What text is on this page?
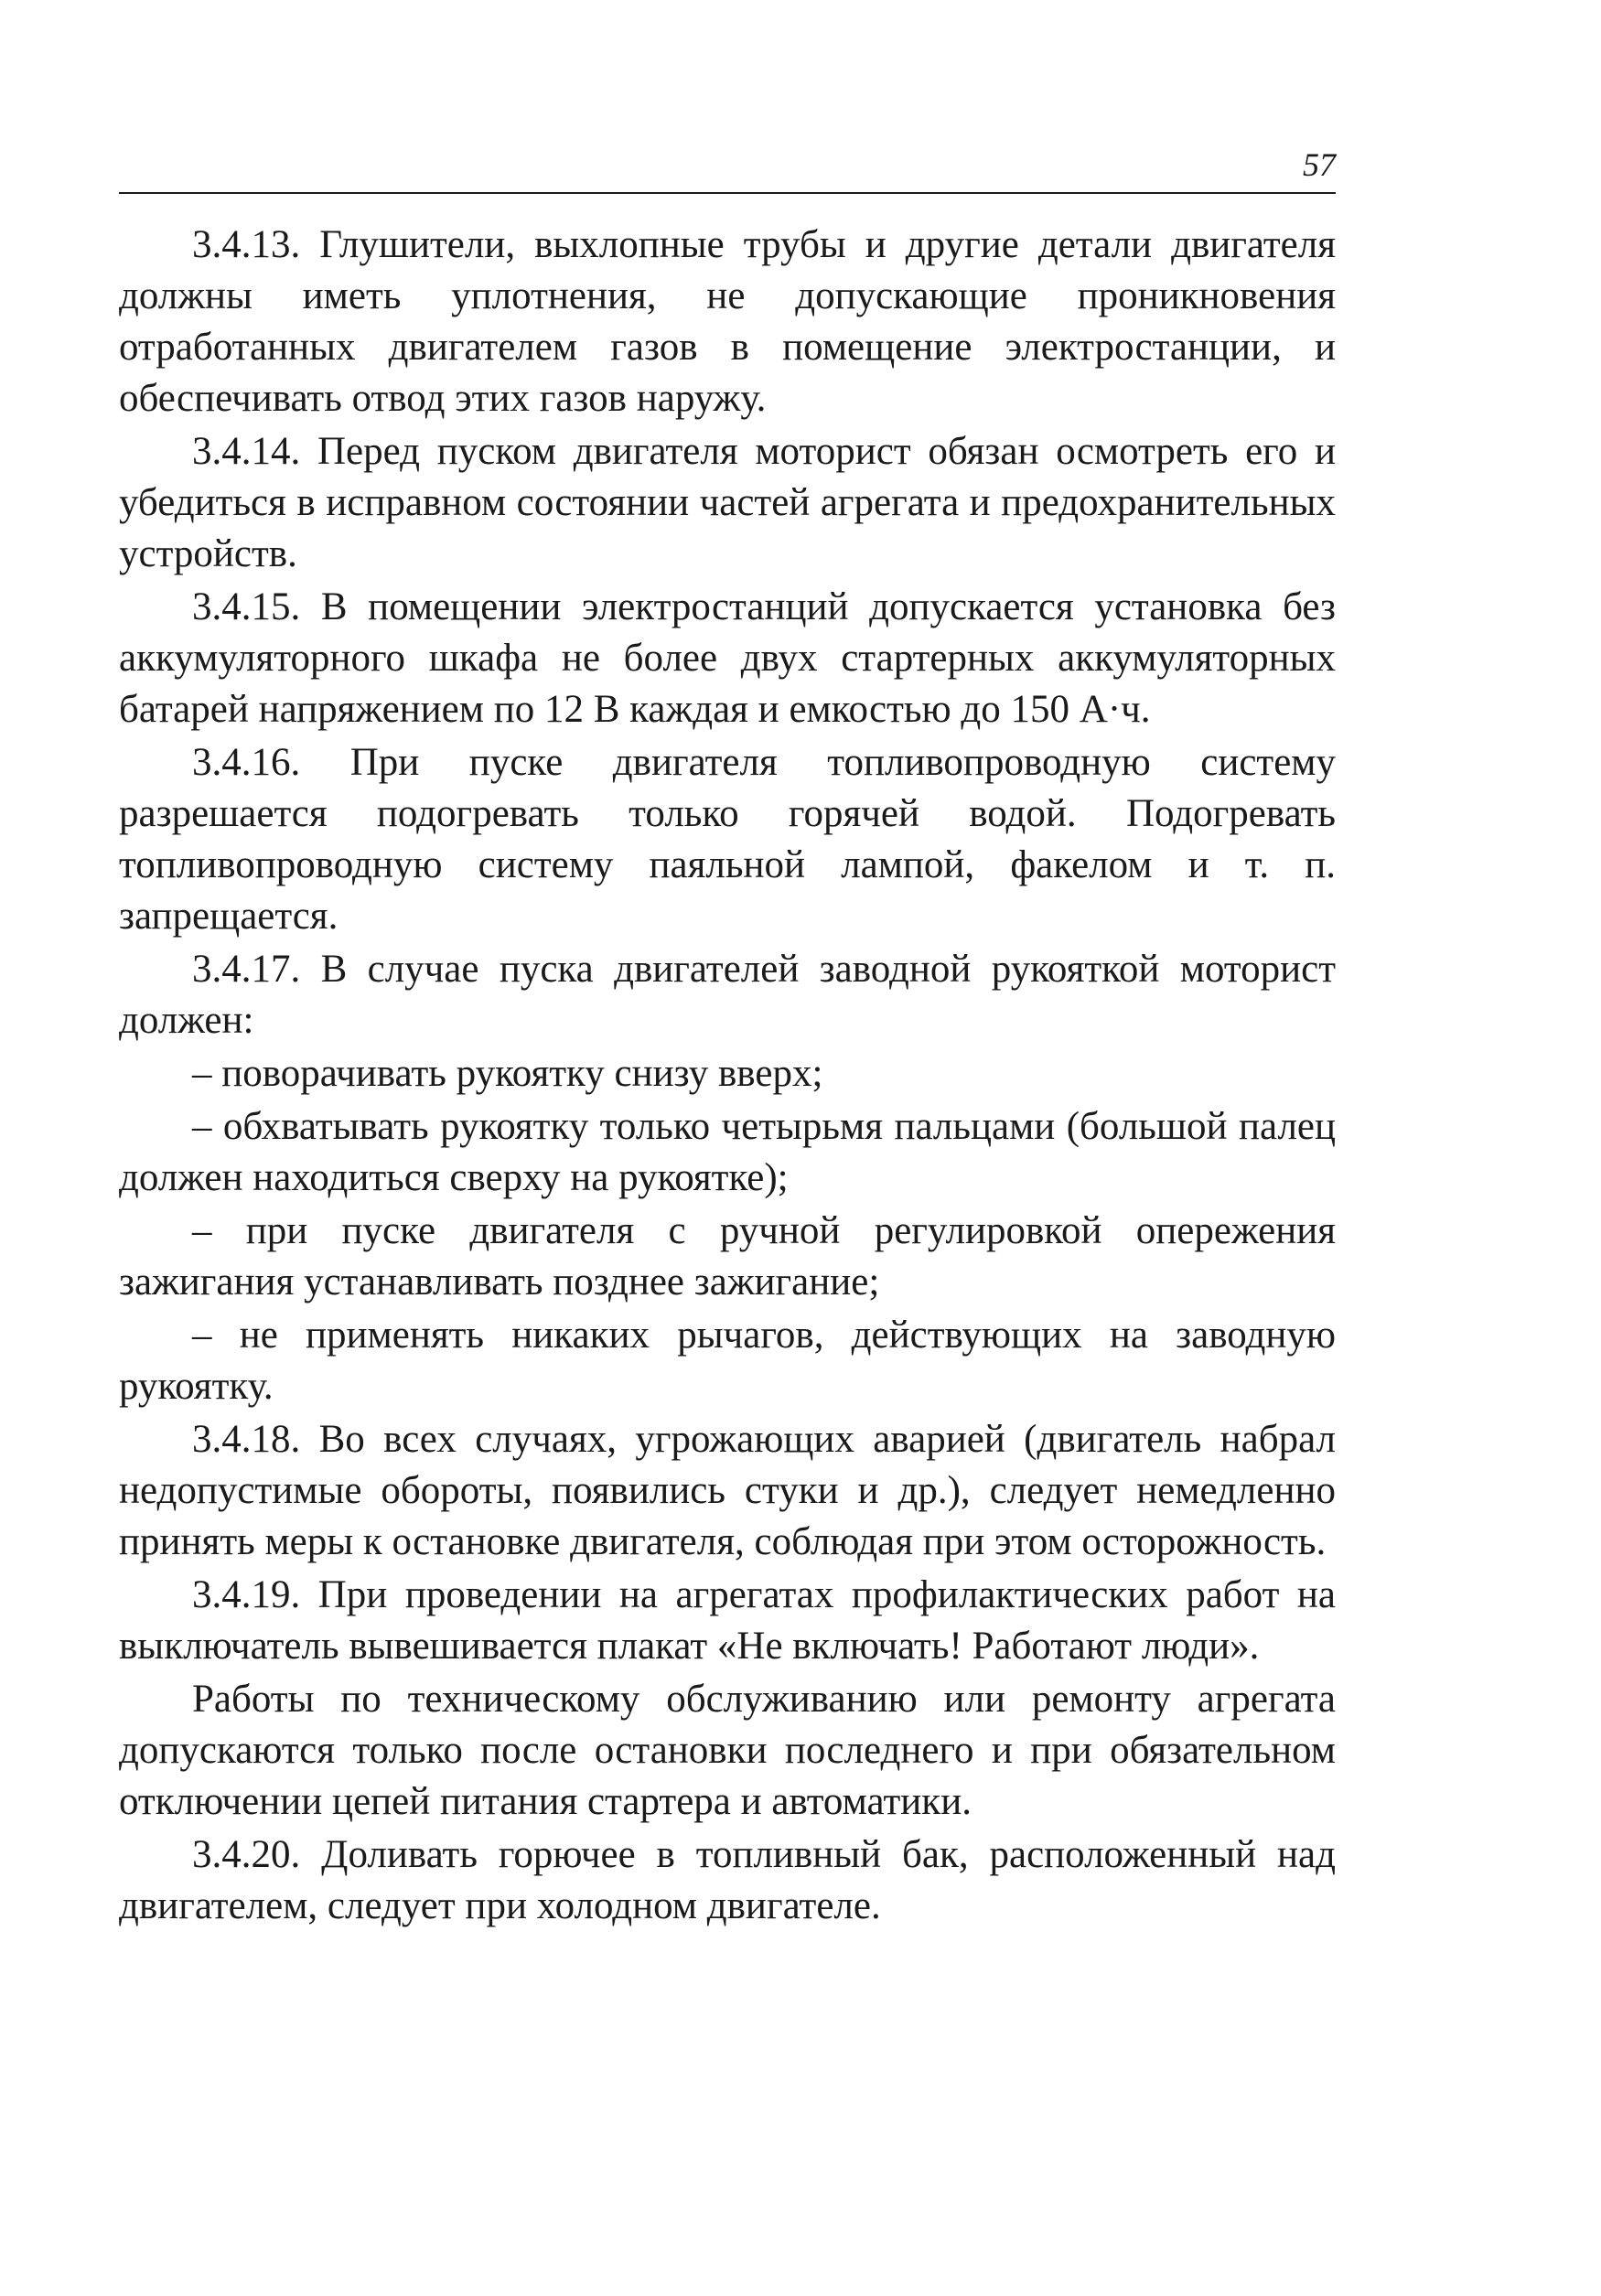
57

3.4.13. Глушители, выхлопные трубы и другие детали двигателя должны иметь уплотнения, не допускающие проникновения отработанных двигателем газов в помещение электростанции, и обеспечивать отвод этих газов наружу.

3.4.14. Перед пуском двигателя моторист обязан осмотреть его и убедиться в исправном состоянии частей агрегата и предохранительных устройств.

3.4.15. В помещении электростанций допускается установка без аккумуляторного шкафа не более двух стартерных аккумуляторных батарей напряжением по 12 В каждая и емкостью до 150 А·ч.

3.4.16. При пуске двигателя топливопроводную систему разрешается подогревать только горячей водой. Подогревать топливопроводную систему паяльной лампой, факелом и т. п. запрещается.

3.4.17. В случае пуска двигателей заводной рукояткой моторист должен:

– поворачивать рукоятку снизу вверх;

– обхватывать рукоятку только четырьмя пальцами (большой палец должен находиться сверху на рукоятке);

– при пуске двигателя с ручной регулировкой опережения зажигания устанавливать позднее зажигание;

– не применять никаких рычагов, действующих на заводную рукоятку.

3.4.18. Во всех случаях, угрожающих аварией (двигатель набрал недопустимые обороты, появились стуки и др.), следует немедленно принять меры к остановке двигателя, соблюдая при этом осторожность.

3.4.19. При проведении на агрегатах профилактических работ на выключатель вывешивается плакат «Не включать! Работают люди».

Работы по техническому обслуживанию или ремонту агрегата допускаются только после остановки последнего и при обязательном отключении цепей питания стартера и автоматики.

3.4.20. Доливать горючее в топливный бак, расположенный над двигателем, следует при холодном двигателе.
